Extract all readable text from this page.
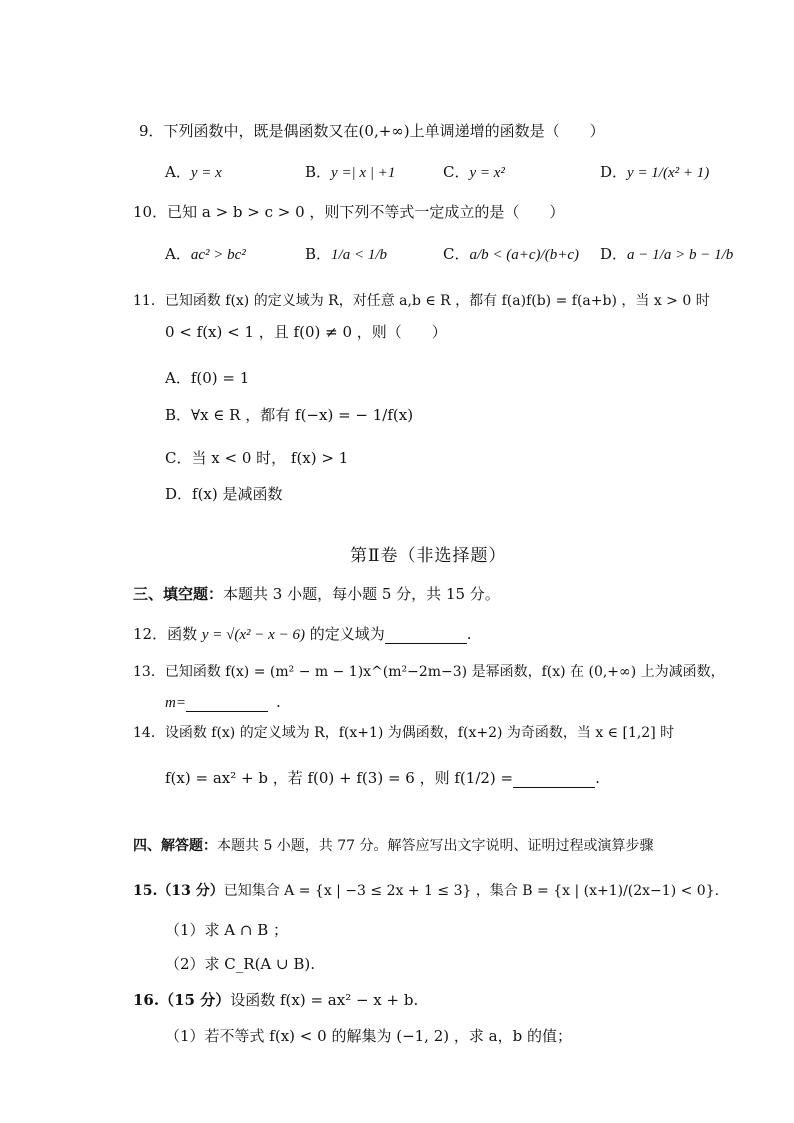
9．下列函数中，既是偶函数又在(0,+∞)上单调递增的函数是（　　）
A．y = x	B．y =| x | +1	C．y = x²	D．y = 1/(x² + 1)
10．已知 a > b > c > 0 ，则下列不等式一定成立的是（　　）
A．ac² > bc²	B．1/a < 1/b	C．a/b < (a+c)/(b+c) D．a − 1/a > b − 1/b
11．已知函数 f(x) 的定义域为 R，对任意 a,b ∈ R ，都有 f(a)f(b) = f(a+b) ，当 x > 0 时
0 < f(x) < 1 ，且 f(0) ≠ 0 ，则（　　）
A．f(0) = 1
B．∀x ∈ R ，都有 f(−x) = − 1/f(x)
C．当 x < 0 时， f(x) > 1
D．f(x) 是减函数
第Ⅱ卷（非选择题）
三、填空题：本题共 3 小题，每小题 5 分，共 15 分。
12．函数 y = √(x² − x − 6) 的定义域为	.
13．已知函数 f(x) = (m² − m − 1)x^(m²−2m−3) 是幂函数，f(x) 在 (0,+∞) 上为减函数，
m=	.
14．设函数 f(x) 的定义域为 R，f(x+1) 为偶函数，f(x+2) 为奇函数，当 x ∈ [1,2] 时
f(x) = ax² + b ，若 f(0) + f(3) = 6 ，则 f(1/2) =	.
四、解答题：本题共 5 小题，共 77 分。解答应写出文字说明、证明过程或演算步骤
15.（13 分）已知集合 A = {x | −3 ≤ 2x + 1 ≤ 3} ，集合 B = {x | (x+1)/(2x−1) < 0}.
（1）求 A ∩ B ；
（2）求 C_R(A ∪ B).
16.（15 分）设函数 f(x) = ax² − x + b.
（1）若不等式 f(x) < 0 的解集为 (−1, 2) ，求 a，b 的值；
